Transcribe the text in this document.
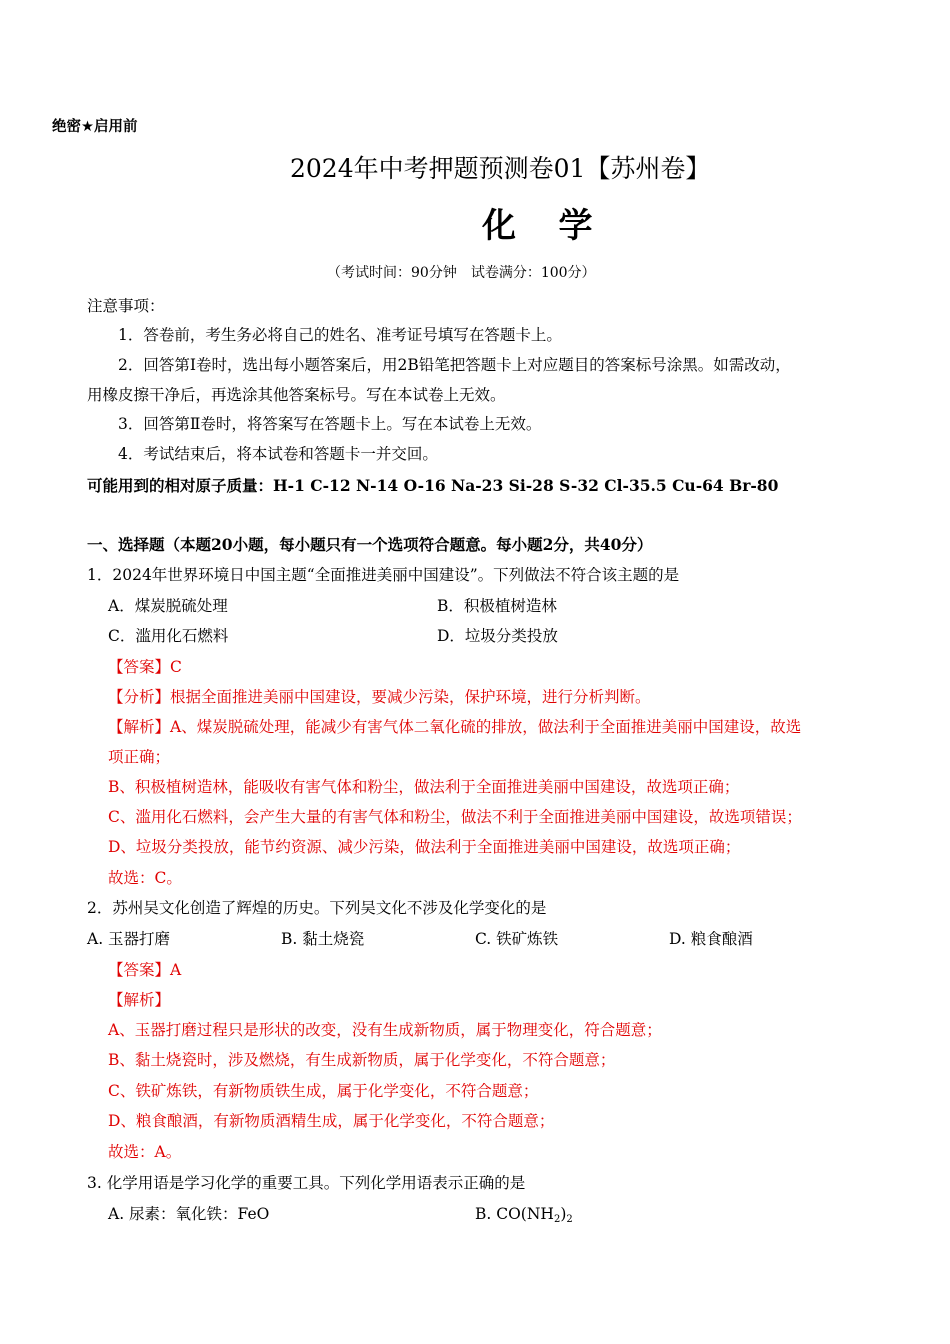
绝密★启用前
2024年中考押题预测卷01【苏州卷】
化 学
（考试时间：90分钟　试卷满分：100分）
注意事项：
1．答卷前，考生务必将自己的姓名、准考证号填写在答题卡上。
2．回答第Ⅰ卷时，选出每小题答案后，用2B铅笔把答题卡上对应题目的答案标号涂黑。如需改动，
用橡皮擦干净后，再选涂其他答案标号。写在本试卷上无效。
3．回答第Ⅱ卷时，将答案写在答题卡上。写在本试卷上无效。
4．考试结束后，将本试卷和答题卡一并交回。
可能用到的相对原子质量：H-1 C-12 N-14 O-16 Na-23 Si-28 S-32 Cl-35.5 Cu-64 Br-80
一、选择题（本题20小题，每小题只有一个选项符合题意。每小题2分，共40分）
1．2024年世界环境日中国主题“全面推进美丽中国建设”。下列做法不符合该主题的是
A．煤炭脱硫处理	B．积极植树造林
C．滥用化石燃料	D．垃圾分类投放
【答案】C
【分析】根据全面推进美丽中国建设，要减少污染，保护环境，进行分析判断。
【解析】A、煤炭脱硫处理，能减少有害气体二氧化硫的排放，做法利于全面推进美丽中国建设，故选
项正确；
B、积极植树造林，能吸收有害气体和粉尘，做法利于全面推进美丽中国建设，故选项正确；
C、滥用化石燃料，会产生大量的有害气体和粉尘，做法不利于全面推进美丽中国建设，故选项错误；
D、垃圾分类投放，能节约资源、减少污染，做法利于全面推进美丽中国建设，故选项正确；
故选：C。
2．苏州吴文化创造了辉煌的历史。下列吴文化不涉及化学变化的是
A. 玉器打磨	B. 黏土烧瓷	C. 铁矿炼铁	D. 粮食酿酒
【答案】A
【解析】
A、玉器打磨过程只是形状的改变，没有生成新物质，属于物理变化，符合题意；
B、黏土烧瓷时，涉及燃烧，有生成新物质，属于化学变化，不符合题意；
C、铁矿炼铁，有新物质铁生成，属于化学变化，不符合题意；
D、粮食酿酒，有新物质酒精生成，属于化学变化，不符合题意；
故选：A。
3. 化学用语是学习化学的重要工具。下列化学用语表示正确的是
A. 尿素：氧化铁：FeO	B. $CO(NH_2)_2$
